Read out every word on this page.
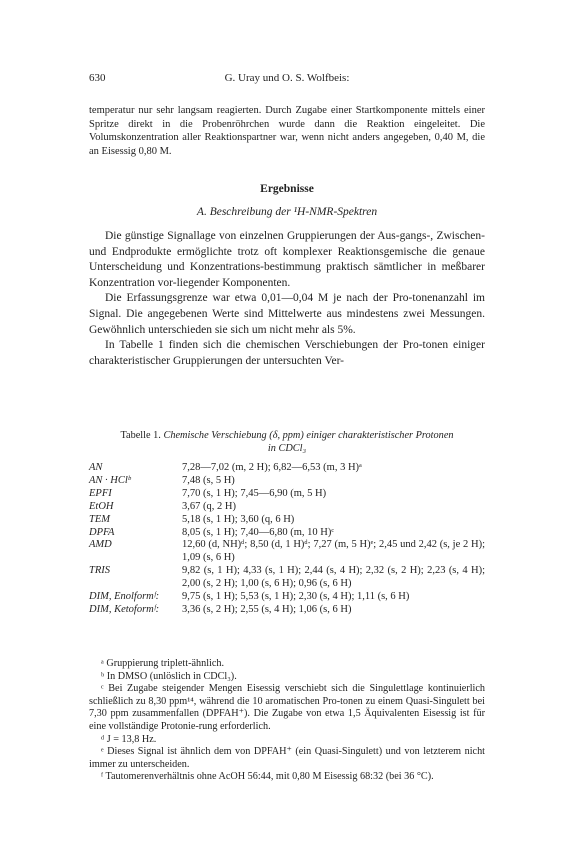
630	G. Uray und O. S. Wolfbeis:
temperatur nur sehr langsam reagierten. Durch Zugabe einer Startkomponente mittels einer Spritze direkt in die Probenröhrchen wurde dann die Reaktion eingeleitet. Die Volumskonzentration aller Reaktionspartner war, wenn nicht anders angegeben, 0,40 M, die an Eisessig 0,80 M.
Ergebnisse
A. Beschreibung der ¹H-NMR-Spektren

Die günstige Signallage von einzelnen Gruppierungen der Aus-gangs-, Zwischen- und Endprodukte ermöglichte trotz oft komplexer Reaktionsgemische die genaue Unterscheidung und Konzentrations-bestimmung praktisch sämtlicher in meßbarer Konzentration vor-liegender Komponenten.

Die Erfassungsgrenze war etwa 0,01—0,04 M je nach der Pro-tonenanzahl im Signal. Die angegebenen Werte sind Mittelwerte aus mindestens zwei Messungen. Gewöhnlich unterschieden sie sich um nicht mehr als 5%.

In Tabelle 1 finden sich die chemischen Verschiebungen der Pro-tonen einiger charakteristischer Gruppierungen der untersuchten Ver-

Tabelle 1. Chemische Verschiebung (δ, ppm) einiger charakteristischer Protonen
in CDCl₃
AN	7,28—7,02 (m, 2 H); 6,82—6,53 (m, 3 H)ᵃ
AN · HClᵇ	7,48 (s, 5 H)
EPFI	7,70 (s, 1 H); 7,45—6,90 (m, 5 H)
EtOH	3,67 (q, 2 H)
TEM	5,18 (s, 1 H); 3,60 (q, 6 H)
DPFA	8,05 (s, 1 H); 7,40—6,80 (m, 10 H)ᶜ
AMD	12,60 (d, NH)ᵈ; 8,50 (d, 1 H)ᵈ; 7,27 (m, 5 H)ᵉ; 2,45 und 2,42 (s, je 2 H); 1,09 (s, 6 H)
TRIS	9,82 (s, 1 H); 4,33 (s, 1 H); 2,44 (s, 4 H); 2,32 (s, 2 H); 2,23 (s, 4 H); 2,00 (s, 2 H); 1,00 (s, 6 H); 0,96 (s, 6 H)
DIM, Enolformᶠ:	9,75 (s, 1 H); 5,53 (s, 1 H); 2,30 (s, 4 H); 1,11 (s, 6 H)
DIM, Ketoformᶠ:	3,36 (s, 2 H); 2,55 (s, 4 H); 1,06 (s, 6 H)

ᵃ Gruppierung triplett-ähnlich.

ᵇ In DMSO (unlöslich in CDCl₃).

ᶜ Bei Zugabe steigender Mengen Eisessig verschiebt sich die Singulettlage kontinuierlich schließlich zu 8,30 ppm¹⁴, während die 10 aromatischen Pro-tonen zu einem Quasi-Singulett bei 7,30 ppm zusammenfallen (DPFAH⁺). Die Zugabe von etwa 1,5 Äquivalenten Eisessig ist für eine vollständige Protonie-rung erforderlich.

ᵈ J = 13,8 Hz.

ᵉ Dieses Signal ist ähnlich dem von DPFAH⁺ (ein Quasi-Singulett) und von letzterem nicht immer zu unterscheiden.

ᶠ Tautomerenverhältnis ohne AcOH 56:44, mit 0,80 M Eisessig 68:32 (bei 36 °C).
